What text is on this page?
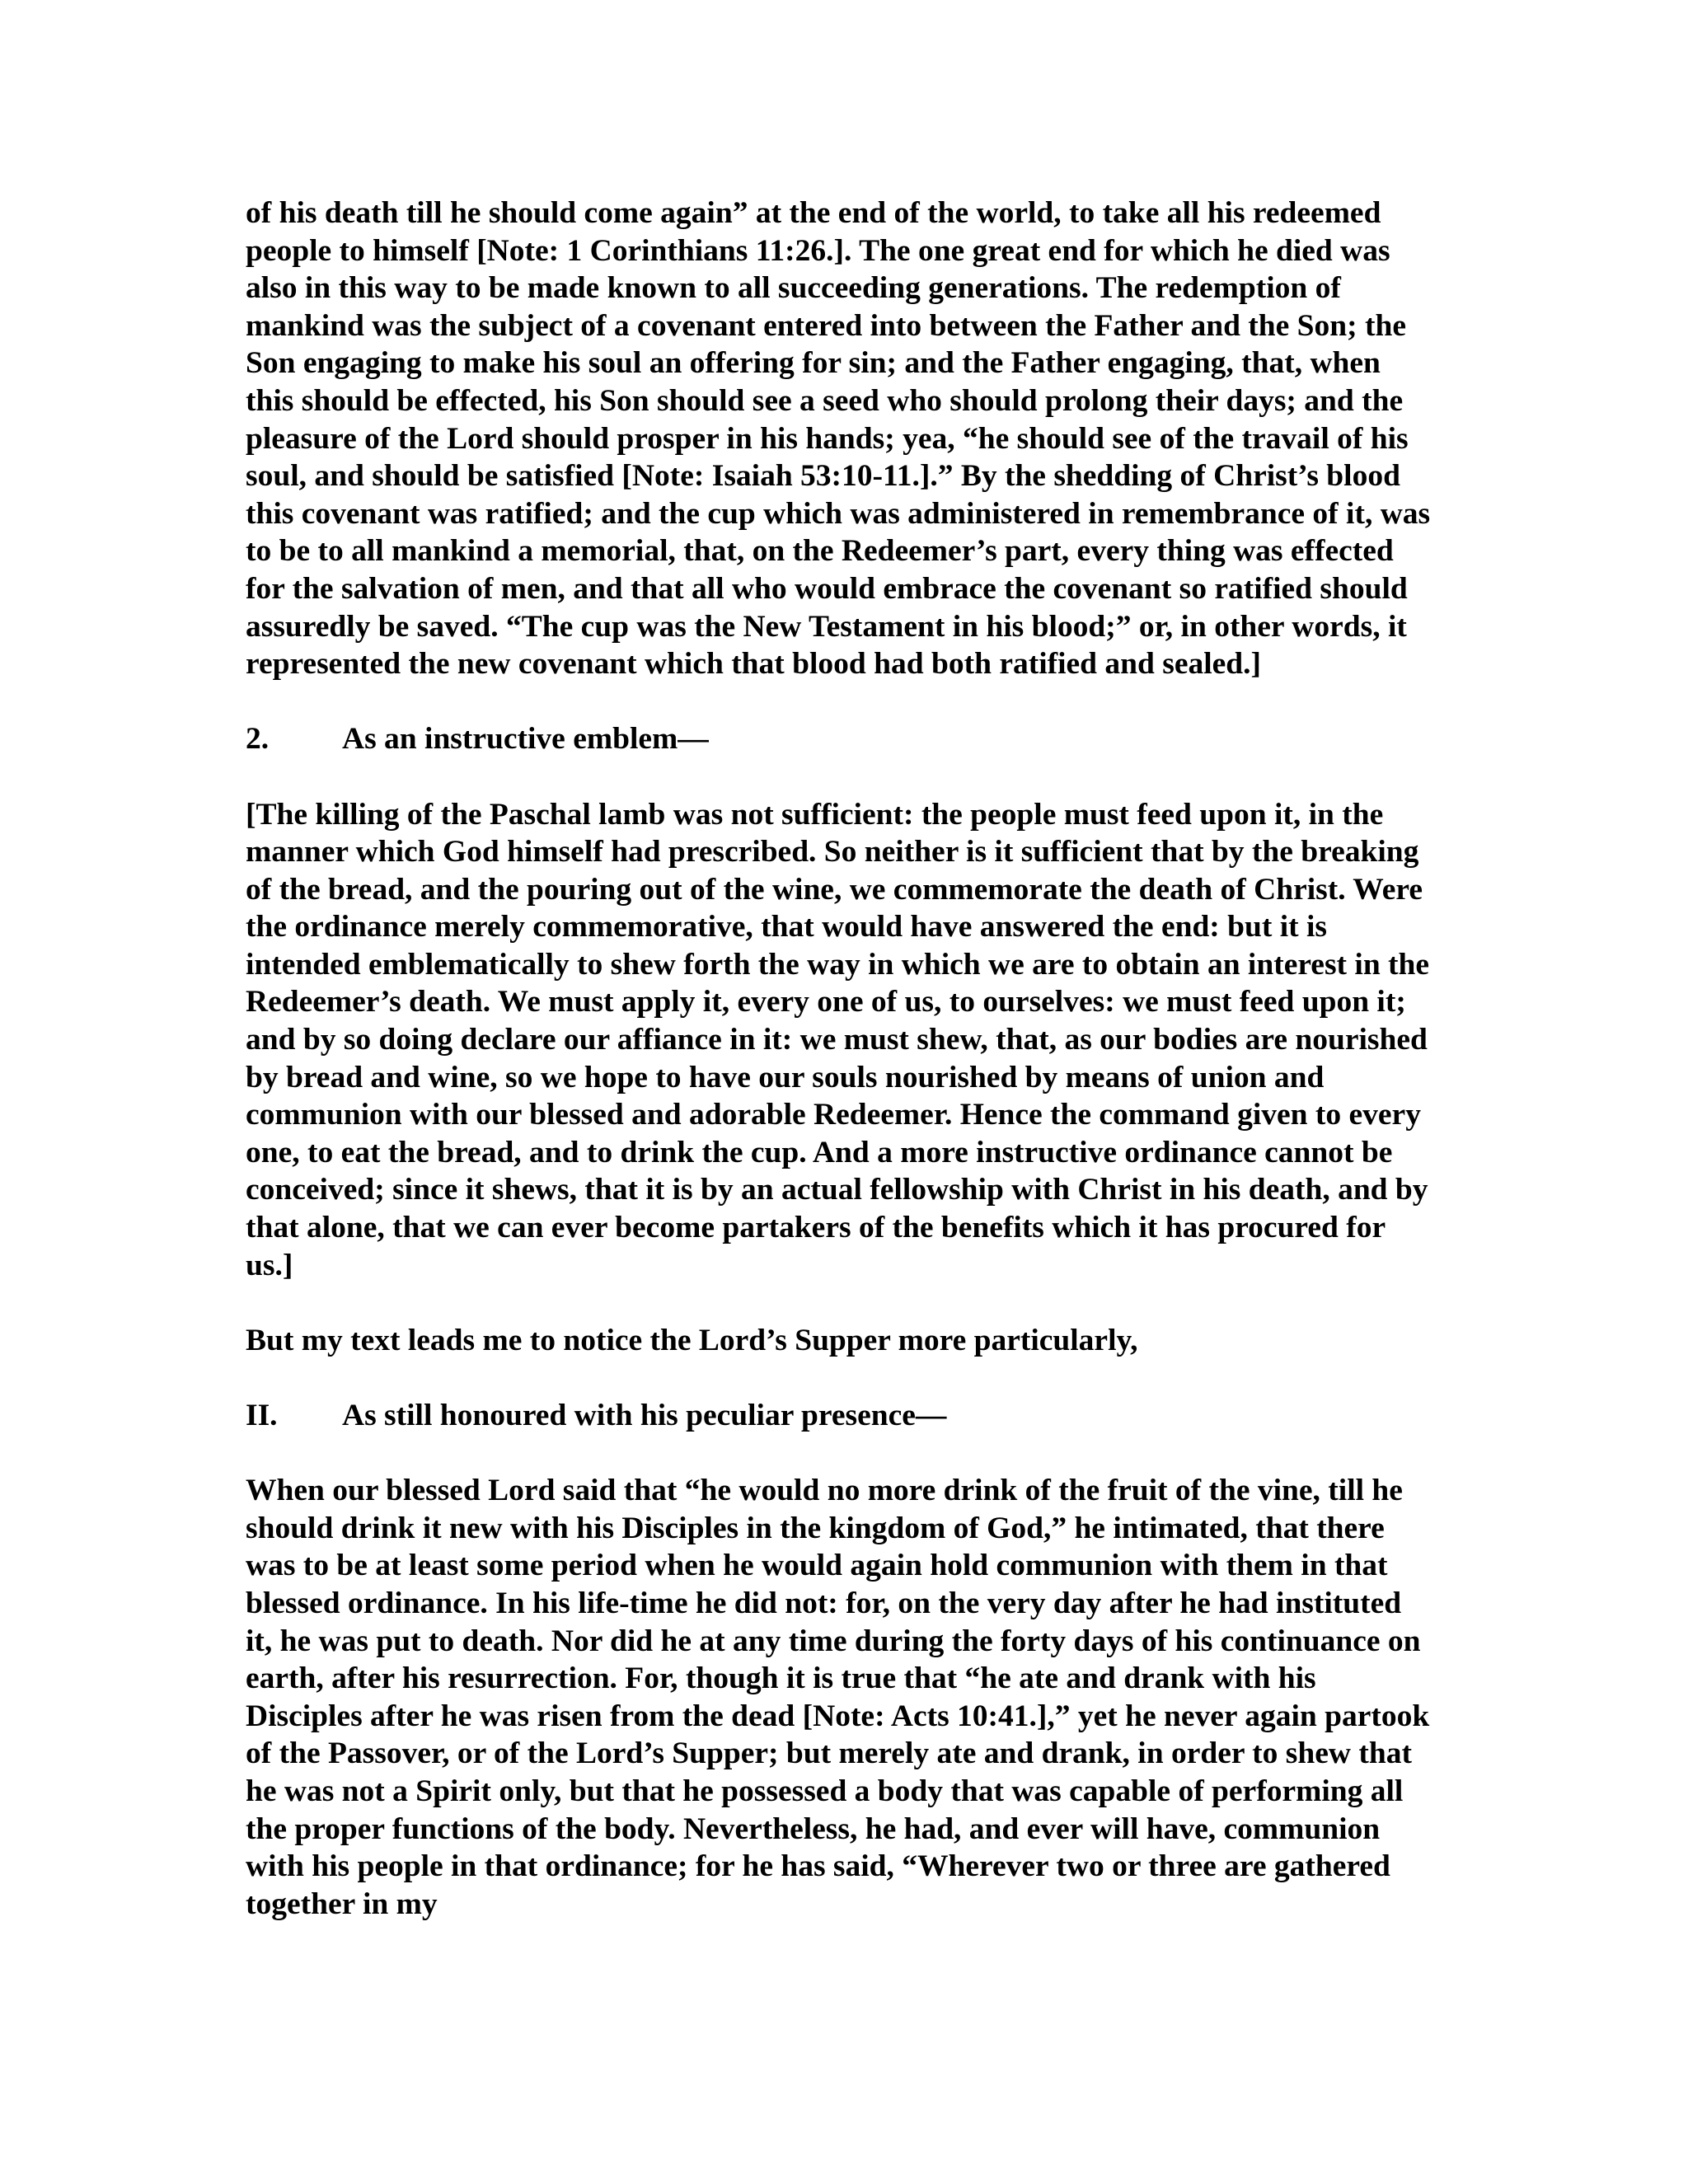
of his death till he should come again” at the end of the world, to take all his redeemed people to himself [Note: 1 Corinthians 11:26.]. The one great end for which he died was also in this way to be made known to all succeeding generations. The redemption of mankind was the subject of a covenant entered into between the Father and the Son; the Son engaging to make his soul an offering for sin; and the Father engaging, that, when this should be effected, his Son should see a seed who should prolong their days; and the pleasure of the Lord should prosper in his hands; yea, “he should see of the travail of his soul, and should be satisfied [Note: Isaiah 53:10-11.].” By the shedding of Christ’s blood this covenant was ratified; and the cup which was administered in remembrance of it, was to be to all mankind a memorial, that, on the Redeemer’s part, every thing was effected for the salvation of men, and that all who would embrace the covenant so ratified should assuredly be saved. “The cup was the New Testament in his blood;” or, in other words, it represented the new covenant which that blood had both ratified and sealed.]

2.	As an instructive emblem—

[The killing of the Paschal lamb was not sufficient: the people must feed upon it, in the manner which God himself had prescribed. So neither is it sufficient that by the breaking of the bread, and the pouring out of the wine, we commemorate the death of Christ. Were the ordinance merely commemorative, that would have answered the end: but it is intended emblematically to shew forth the way in which we are to obtain an interest in the Redeemer’s death. We must apply it, every one of us, to ourselves: we must feed upon it; and by so doing declare our affiance in it: we must shew, that, as our bodies are nourished by bread and wine, so we hope to have our souls nourished by means of union and communion with our blessed and adorable Redeemer. Hence the command given to every one, to eat the bread, and to drink the cup. And a more instructive ordinance cannot be conceived; since it shews, that it is by an actual fellowship with Christ in his death, and by that alone, that we can ever become partakers of the benefits which it has procured for us.]

But my text leads me to notice the Lord’s Supper more particularly,

II.	As still honoured with his peculiar presence—

When our blessed Lord said that “he would no more drink of the fruit of the vine, till he should drink it new with his Disciples in the kingdom of God,” he intimated, that there was to be at least some period when he would again hold communion with them in that blessed ordinance. In his life-time he did not: for, on the very day after he had instituted it, he was put to death. Nor did he at any time during the forty days of his continuance on earth, after his resurrection. For, though it is true that “he ate and drank with his Disciples after he was risen from the dead [Note: Acts 10:41.],” yet he never again partook of the Passover, or of the Lord’s Supper; but merely ate and drank, in order to shew that he was not a Spirit only, but that he possessed a body that was capable of performing all the proper functions of the body. Nevertheless, he had, and ever will have, communion with his people in that ordinance; for he has said, “Wherever two or three are gathered together in my
